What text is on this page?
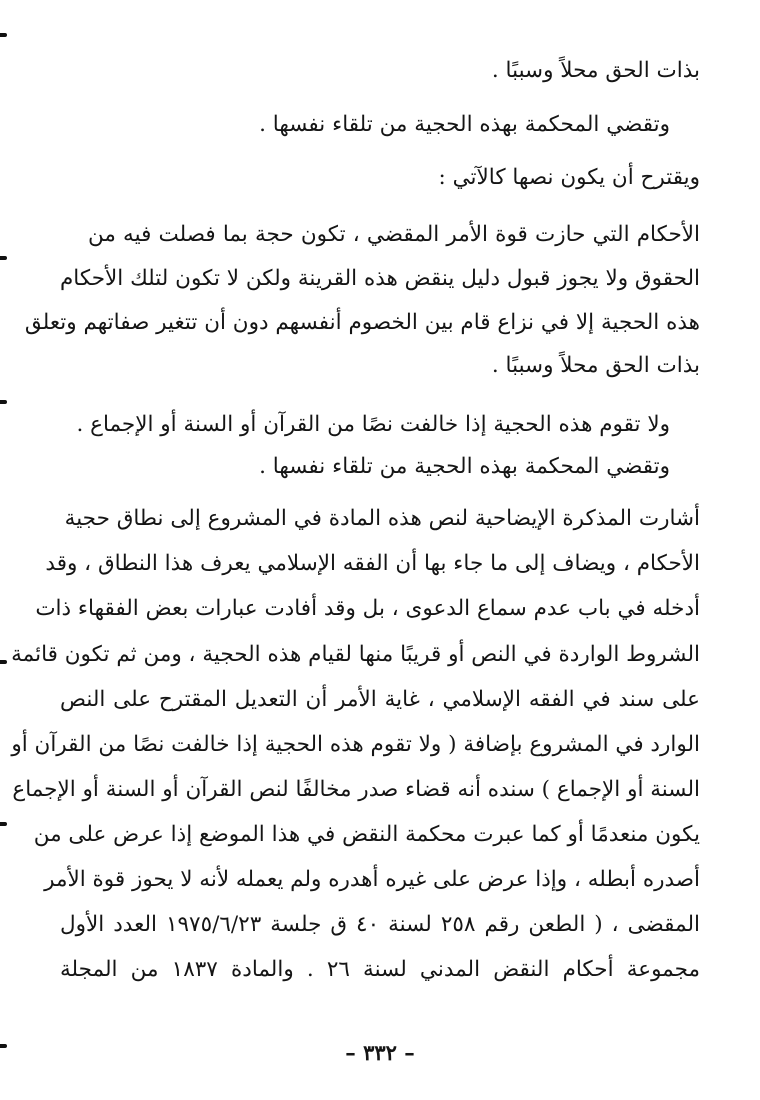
بذات الحق محلاً وسببًا .
وتقضي المحكمة بهذه الحجية من تلقاء نفسها .
ويقترح أن يكون نصها كالآتي :
الأحكام التي حازت قوة الأمر المقضي ، تكون حجة بما فصلت فيه من
الحقوق ولا يجوز قبول دليل ينقض هذه القرينة ولكن لا تكون لتلك الأحكام
هذه الحجية إلا في نزاع قام بين الخصوم أنفسهم دون أن تتغير صفاتهم وتعلق
بذات الحق محلاً وسببًا .
ولا تقوم هذه الحجية إذا خالفت نصًا من القرآن أو السنة أو الإجماع .
وتقضي المحكمة بهذه الحجية من تلقاء نفسها .
أشارت المذكرة الإيضاحية لنص هذه المادة في المشروع إلى نطاق حجية
الأحكام ، ويضاف إلى ما جاء بها أن الفقه الإسلامي يعرف هذا النطاق ، وقد
أدخله في باب عدم سماع الدعوى ، بل وقد أفادت عبارات بعض الفقهاء ذات
الشروط الواردة في النص أو قريبًا منها لقيام هذه الحجية ، ومن ثم تكون قائمة
على سند في الفقه الإسلامي ، غاية الأمر أن التعديل المقترح على النص
الوارد في المشروع بإضافة ( ولا تقوم هذه الحجية إذا خالفت نصًا من القرآن أو
السنة أو الإجماع ) سنده أنه قضاء صدر مخالفًا لنص القرآن أو السنة أو الإجماع
يكون منعدمًا أو كما عبرت محكمة النقض في هذا الموضع إذا عرض على من
أصدره أبطله ، وإذا عرض على غيره أهدره ولم يعمله لأنه لا يحوز قوة الأمر
المقضى ، ( الطعن رقم ٢٥٨ لسنة ٤٠ ق جلسة ١٩٧٥/٦/٢٣ العدد الأول
مجموعة أحكام النقض المدني لسنة ٢٦ . والمادة ١٨٣٧ من المجلة
– ٣٣٢ –
